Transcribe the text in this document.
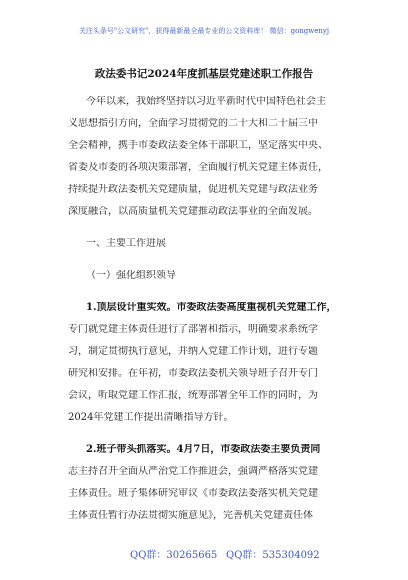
关注头条号"公文研究"，获得最新最全最专业的公文资料库！ 微信：gongwenyj
政法委书记2024年度抓基层党建述职工作报告
今年以来，我始终坚持以习近平新时代中国特色社会主
义思想指引方向，全面学习贯彻党的二十大和二十届三中
全会精神，携手市委政法委全体干部职工，坚定落实中央、
省委及市委的各项决策部署，全面履行机关党建主体责任，
持续提升政法委机关党建质量，促进机关党建与政法业务
深度融合，以高质量机关党建推动政法事业的全面发展。
一、主要工作进展
（一）强化组织领导
1.顶层设计重实效。市委政法委高度重视机关党建工作，
专门就党建主体责任进行了部署和指示，明确要求系统学
习，制定贯彻执行意见，并纳入党建工作计划，进行专题
研究和安排。在年初，市委政法委机关领导班子召开专门
会议，听取党建工作汇报，统筹部署全年工作的同时，为
2024年党建工作提出清晰指导方针。
2.班子带头抓落实。4月7日，市委政法委主要负责同
志主持召开全面从严治党工作推进会，强调严格落实党建
主体责任。班子集体研究审议《市委政法委落实机关党建
主体责任暂行办法贯彻实施意见》，完善机关党建责任体
QQ群：30265665 QQ群：535304092
